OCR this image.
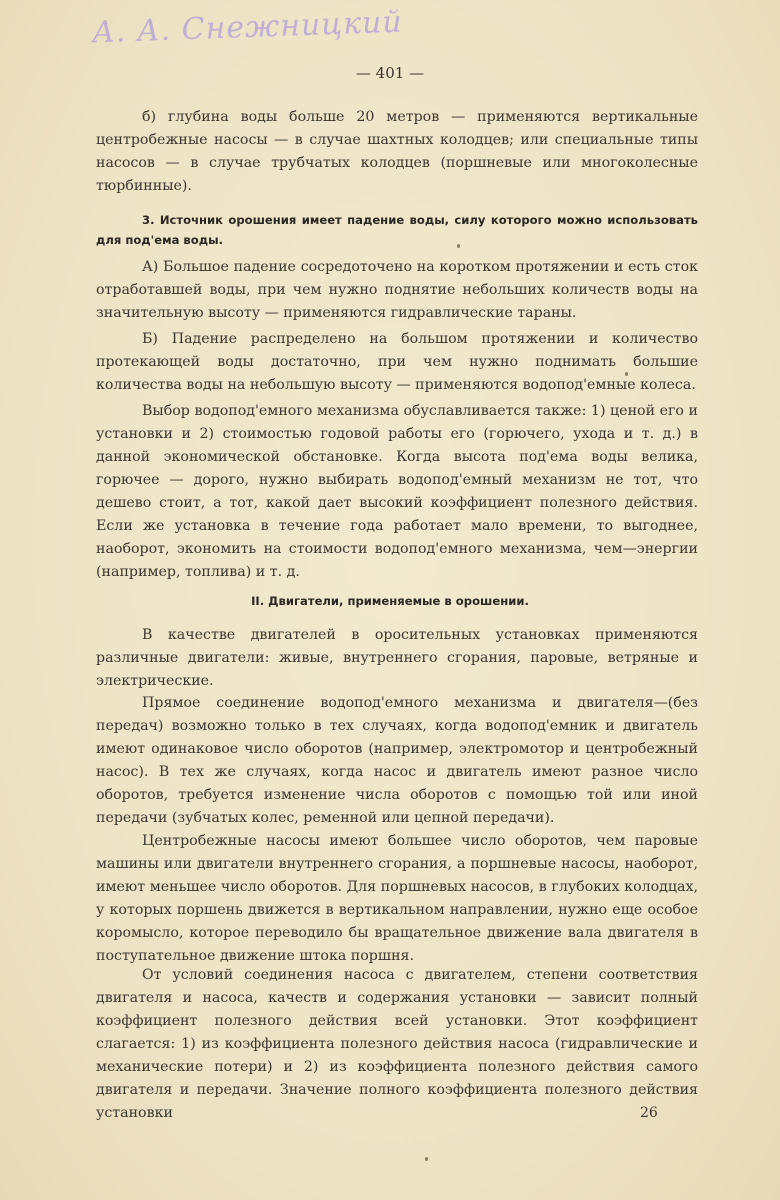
А. А. Снежницкий
— 401 —

б) глубина воды больше 20 метров — применяются вертикальные центробежные насосы — в случае шахтных колодцев; или специальные типы насосов — в случае трубчатых колодцев (поршневые или многоколесные тюрбинные).

3. Источник орошения имеет падение воды, силу которого можно использовать для под'ема воды.

А) Большое падение сосредоточено на коротком протяжении и есть сток отработавшей воды, при чем нужно поднятие небольших количеств воды на значительную высоту — применяются гидравлические тараны.

Б) Падение распределено на большом протяжении и количество протекающей воды достаточно, при чем нужно поднимать большие количества воды на небольшую высоту — применяются водопод'емные колеса.

Выбор водопод'емного механизма обуславливается также: 1) ценой его и установки и 2) стоимостью годовой работы его (горючего, ухода и т. д.) в данной экономической обстановке. Когда высота под'ема воды велика, горючее — дорого, нужно выбирать водопод'емный механизм не тот, что дешево стоит, а тот, какой дает высокий коэффициент полезного действия. Если же установка в течение года работает мало времени, то выгоднее, наоборот, экономить на стоимости водопод'емного механизма, чем—энергии (например, топлива) и т. д.

II. Двигатели, применяемые в орошении.

В качестве двигателей в оросительных установках применяются различные двигатели: живые, внутреннего сгорания, паровые, ветряные и электрические.

Прямое соединение водопод'емного механизма и двигателя—(без передач) возможно только в тех случаях, когда водопод'емник и двигатель имеют одинаковое число оборотов (например, электромотор и центробежный насос). В тех же случаях, когда насос и двигатель имеют разное число оборотов, требуется изменение числа оборотов с помощью той или иной передачи (зубчатых колес, ременной или цепной передачи).

Центробежные насосы имеют большее число оборотов, чем паровые машины или двигатели внутреннего сгорания, а поршневые насосы, наоборот, имеют меньшее число оборотов. Для поршневых насосов, в глубоких колодцах, у которых поршень движется в вертикальном направлении, нужно еще особое коромысло, которое переводило бы вращательное движение вала двигателя в поступательное движение штока поршня.

От условий соединения насоса с двигателем, степени соответствия двигателя и насоса, качеств и содержания установки — зависит полный коэффициент полезного действия всей установки. Этот коэффициент слагается: 1) из коэффициента полезного действия насоса (гидравлические и механические потери) и 2) из коэффициента полезного действия самого двигателя и передачи. Значение полного коэффициента полезного действия установки	26
